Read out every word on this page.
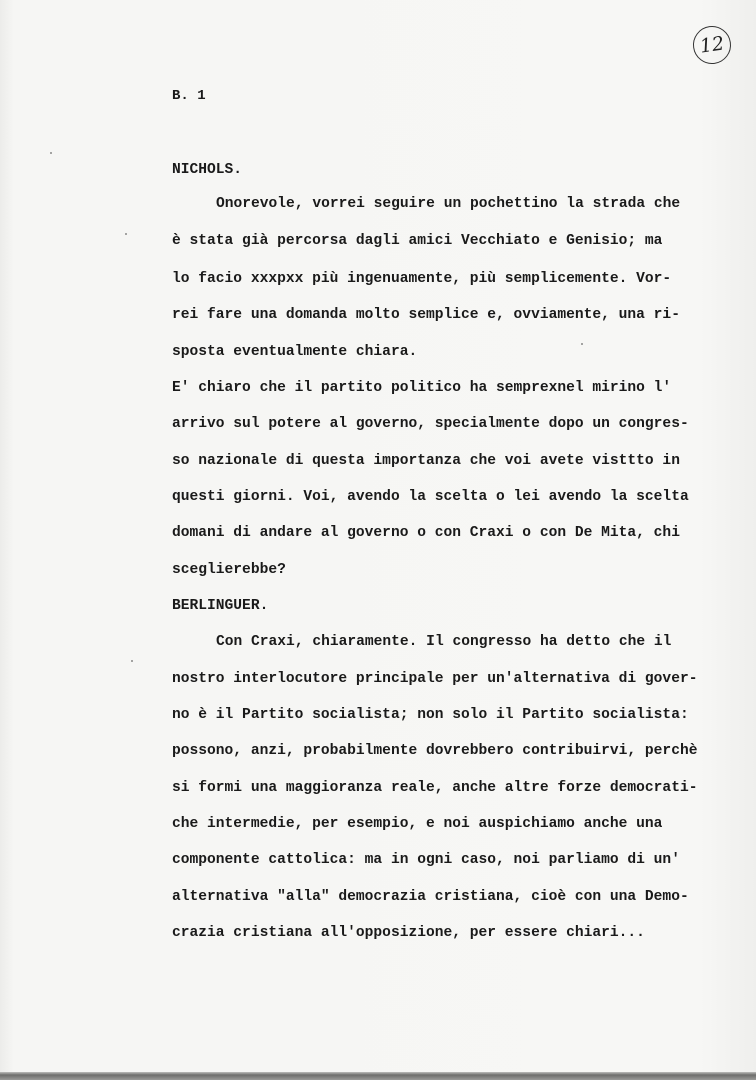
12
B. 1
NICHOLS.
Onorevole, vorrei seguire un pochettino la strada che
è stata già percorsa dagli amici Vecchiato e Genisio; ma
lo facio xxxpxx più ingenuamente, più semplicemente. Vor-
rei fare una domanda molto semplice e, ovviamente, una ri-
sposta eventualmente chiara.
E' chiaro che il partito politico ha semprexnel mirino l'
arrivo sul potere al governo, specialmente dopo un congres-
so nazionale di questa importanza che voi avete visttto in
questi giorni. Voi, avendo la scelta o lei avendo la scelta
domani di andare al governo o con Craxi o con De Mita, chi
sceglierebbe?
BERLINGUER.
Con Craxi, chiaramente. Il congresso ha detto che il
nostro interlocutore principale per un'alternativa di gover-
no è il Partito socialista; non solo il Partito socialista:
possono, anzi, probabilmente dovrebbero contribuirvi, perchè
si formi una maggioranza reale, anche altre forze democrati-
che intermedie, per esempio, e noi auspichiamo anche una
componente cattolica: ma in ogni caso, noi parliamo di un'
alternativa "alla" democrazia cristiana, cioè con una Demo-
crazia cristiana all'opposizione, per essere chiari...
